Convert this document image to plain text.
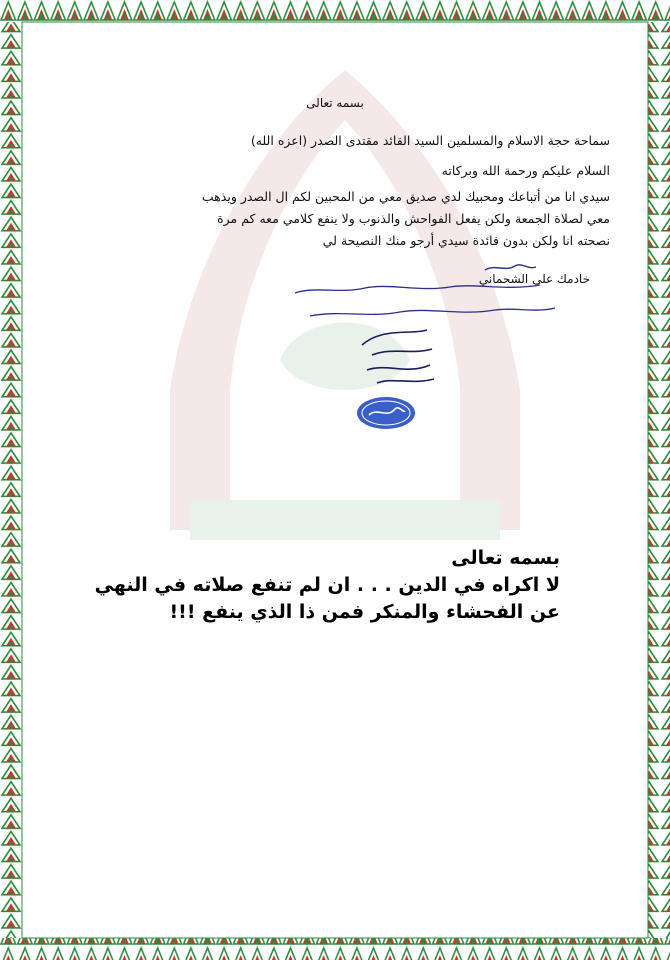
بسمه تعالى
سماحة حجة الاسلام والمسلمين السيد القائد مقتدى الصدر (اعزه الله)
السلام عليكم ورحمة الله وبركاته
سيدي انا من أتباعك ومحبيك لدي صديق معي من المحبين لكم ال الصدر ويذهب
معي لصلاة الجمعة ولكن يفعل الفواحش والذنوب ولا ينفع كلامي معه كم مرة
نصحته انا ولكن بدون فائدة سيدي أرجو منك النصيحة لي
خادمك علي الشحماني
بسمه تعالى
لا اكراه في الدين . . . ان لم تنفع صلاته في النهي
عن الفحشاء والمنكر فمن ذا الذي ينفع !!!
